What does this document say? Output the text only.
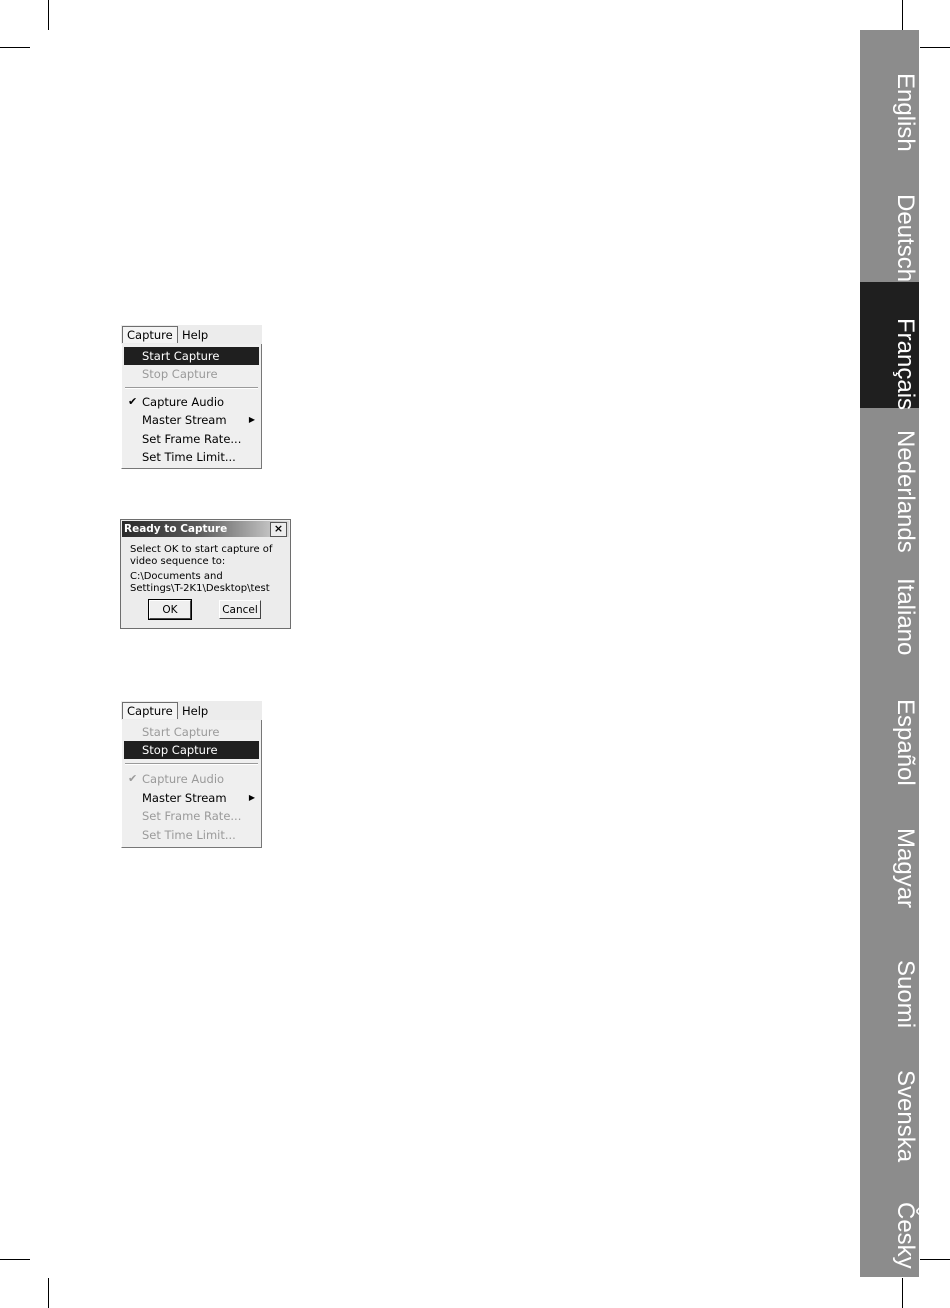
English
Deutsch
Français
Nederlands
Italiano
Español
Magyar
Suomi
Svenska
Česky
Capture Help
Start Capture
Stop Capture
✔ Capture Audio
Master Stream	▶
Set Frame Rate...
Set Time Limit...
Ready to Capture	×
Select OK to start capture of
video sequence to:
C:\Documents and
Settings\T-2K1\Desktop\test
OK	Cancel
Capture Help
Start Capture
Stop Capture
✔ Capture Audio
Master Stream	▶
Set Frame Rate...
Set Time Limit...
